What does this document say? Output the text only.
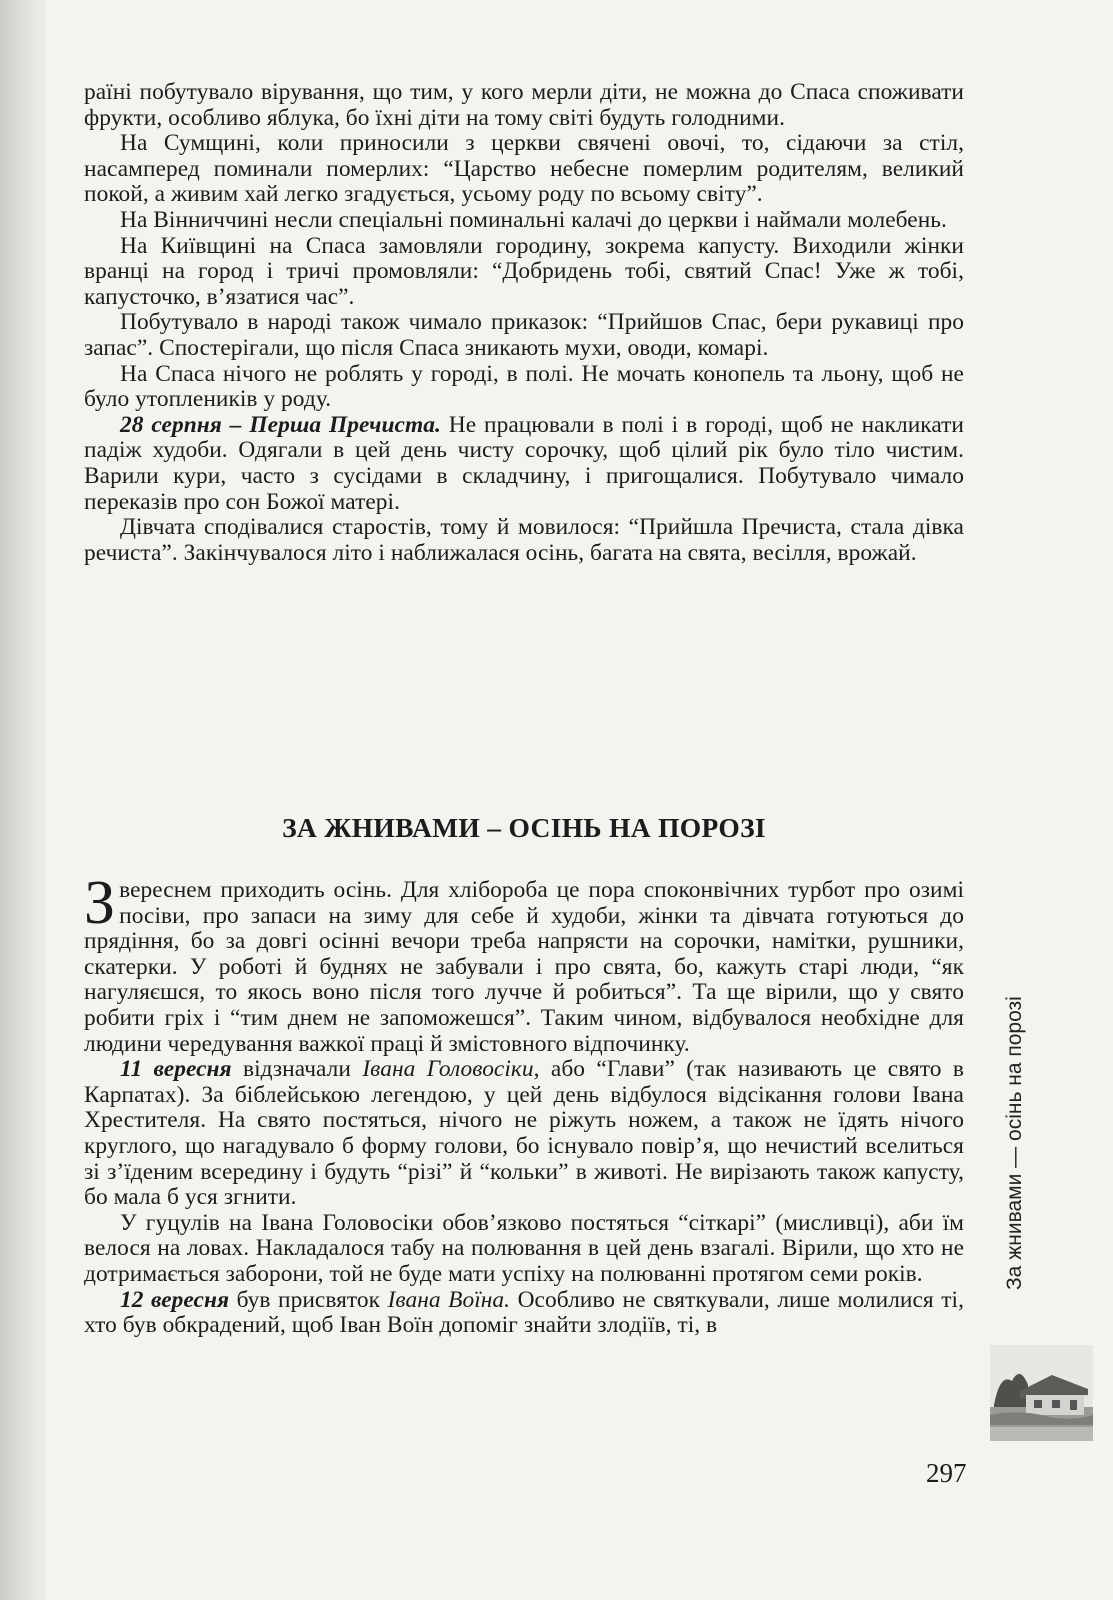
раїні побутувало вірування, що тим, у кого мерли діти, не можна до Спаса споживати фрукти, особливо яблука, бо їхні діти на тому світі будуть голодними.

На Сумщині, коли приносили з церкви свячені овочі, то, сідаючи за стіл, насамперед поминали померлих: “Царство небесне померлим родителям, великий покой, а живим хай легко згадується, усьому роду по всьому світу”.

На Вінниччині несли спеціальні поминальні калачі до церкви і наймали молебень.

На Київщині на Спаса замовляли городину, зокрема капусту. Виходили жінки вранці на город і тричі промовляли: “Добридень тобі, святий Спас! Уже ж тобі, капусточко, в’язатися час”.

Побутувало в народі також чимало приказок: “Прийшов Спас, бери рукавиці про запас”. Спостерігали, що після Спаса зникають мухи, оводи, комарі.

На Спаса нічого не роблять у городі, в полі. Не мочать конопель та льону, щоб не було утоплеників у роду.

28 серпня – Перша Пречиста. Не працювали в полі і в городі, щоб не накликати падіж худоби. Одягали в цей день чисту сорочку, щоб цілий рік було тіло чистим. Варили кури, часто з сусідами в складчину, і пригощалися. Побутувало чимало переказів про сон Божої матері.

Дівчата сподівалися старостів, тому й мовилося: “Прийшла Пречиста, стала дівка речиста”. Закінчувалося літо і наближалася осінь, багата на свята, весілля, врожай.

ЗА ЖНИВАМИ – ОСІНЬ НА ПОРОЗІ

Звереснем приходить осінь. Для хлібороба це пора споконвічних турбот про озимі посіви, про запаси на зиму для себе й худоби, жінки та дівчата готуються до прядіння, бо за довгі осінні вечори треба напрясти на сорочки, намітки, рушники, скатерки. У роботі й буднях не забували і про свята, бо, кажуть старі люди, “як нагуляєшся, то якось воно після того лучче й робиться”. Та ще вірили, що у свято робити гріх і “тим днем не запоможешся”. Таким чином, відбувалося необхідне для людини чередування важкої праці й змістовного відпочинку.

11 вересня відзначали Івана Головосіки, або “Глави” (так називають це свято в Карпатах). За біблейською легендою, у цей день відбулося відсікання голови Івана Хрестителя. На свято постяться, нічого не ріжуть ножем, а також не їдять нічого круглого, що нагадувало б форму голови, бо існувало повір’я, що нечистий вселиться зі з’їденим всередину і будуть “різі” й “кольки” в животі. Не вирізають також капусту, бо мала б уся згнити.

У гуцулів на Івана Головосіки обов’язково постяться “сіткарі” (мисливці), аби їм велося на ловах. Накладалося табу на полювання в цей день взагалі. Вірили, що хто не дотримається заборони, той не буде мати успіху на полюванні протягом семи років.

12 вересня був присвяток Івана Воїна. Особливо не святкували, лише молилися ті, хто був обкрадений, щоб Іван Воїн допоміг знайти злодіїв, ті, в

За жнивами — осінь на порозі
297
